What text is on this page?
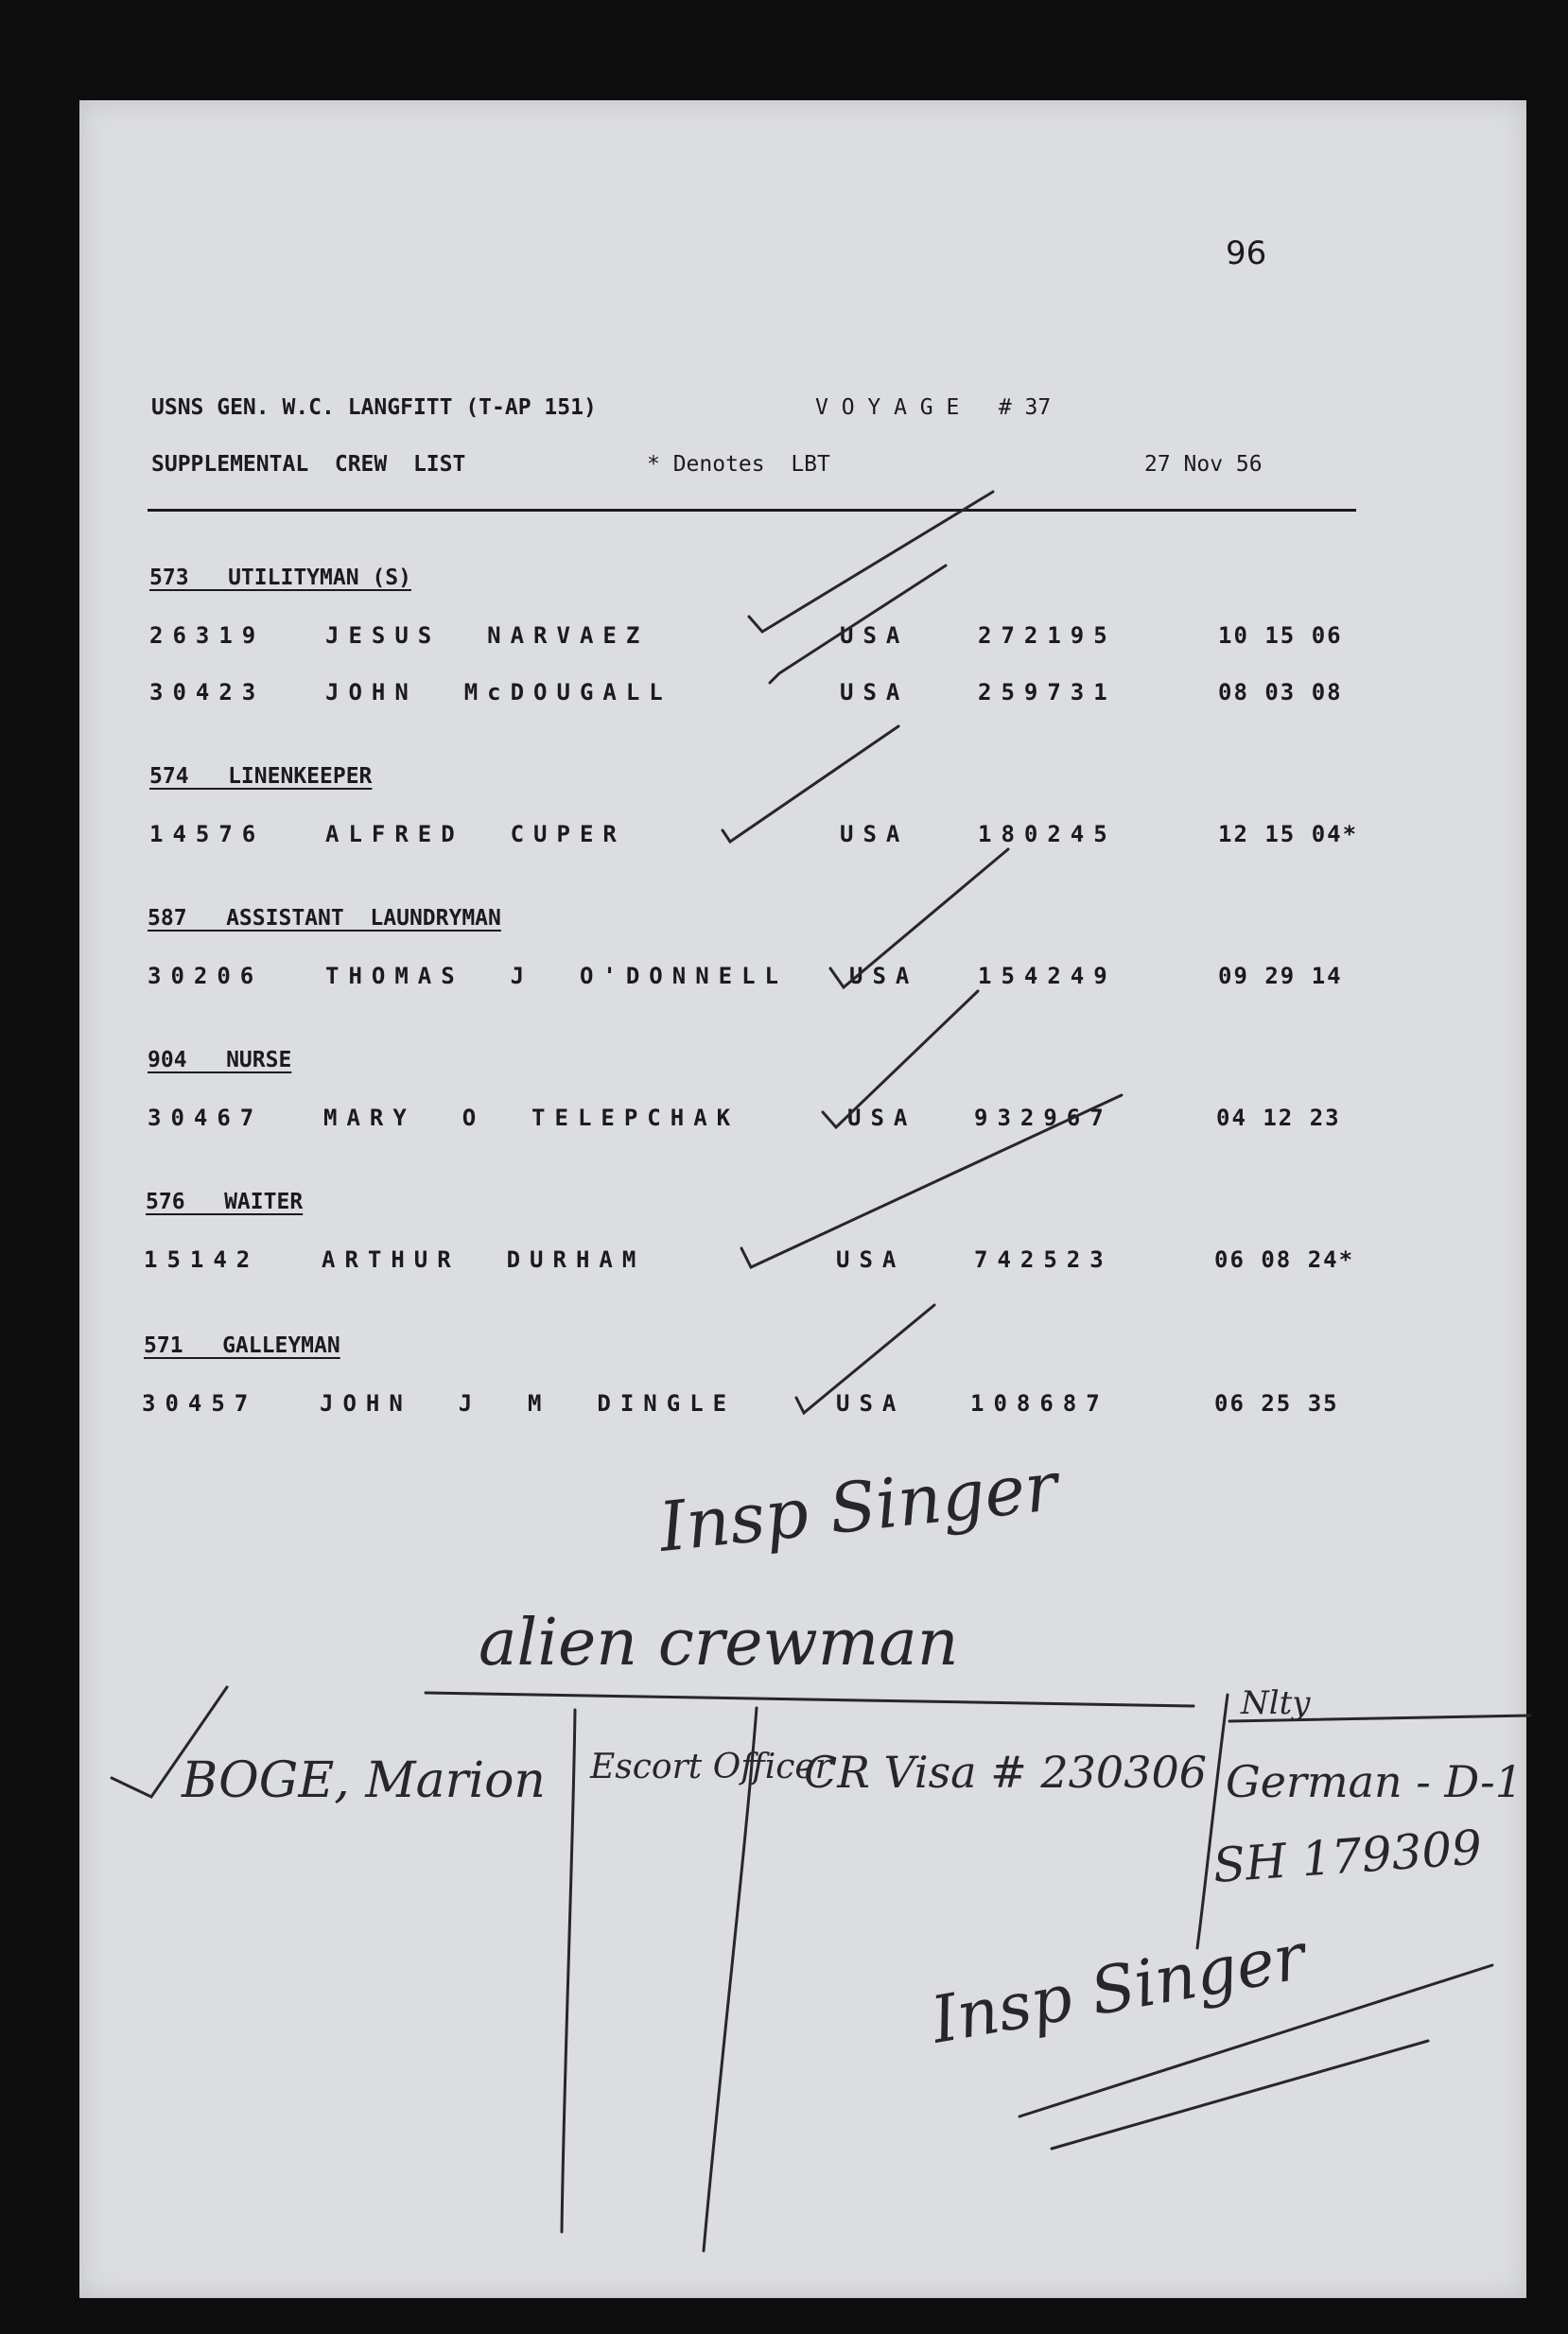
96
USNS GEN. W.C. LANGFITT (T-AP 151)	V O Y A G E   # 37
SUPPLEMENTAL  CREW  LIST	* Denotes  LBT	27 Nov 56
573   UTILITYMAN (S)
26319	JESUS  NARVAEZ	USA	272195	10 15 06
30423	JOHN  McDOUGALL	USA	259731	08 03 08
574   LINENKEEPER
14576	ALFRED  CUPER	USA	180245	12 15 04*
587   ASSISTANT  LAUNDRYMAN
30206	THOMAS  J  O'DONNELL	USA	154249	09 29 14
904   NURSE
30467	MARY  O  TELEPCHAK	USA	932967	04 12 23
576   WAITER
15142	ARTHUR  DURHAM	USA	742523	06 08 24*
571   GALLEYMAN
30457	JOHN  J  M  DINGLE	USA	108687	06 25 35
Insp Singer
alien crewman
BOGE, Marion Escort Officer
CR Visa # 230306
Nlty
German - D-1
SH 179309
Insp Singer
